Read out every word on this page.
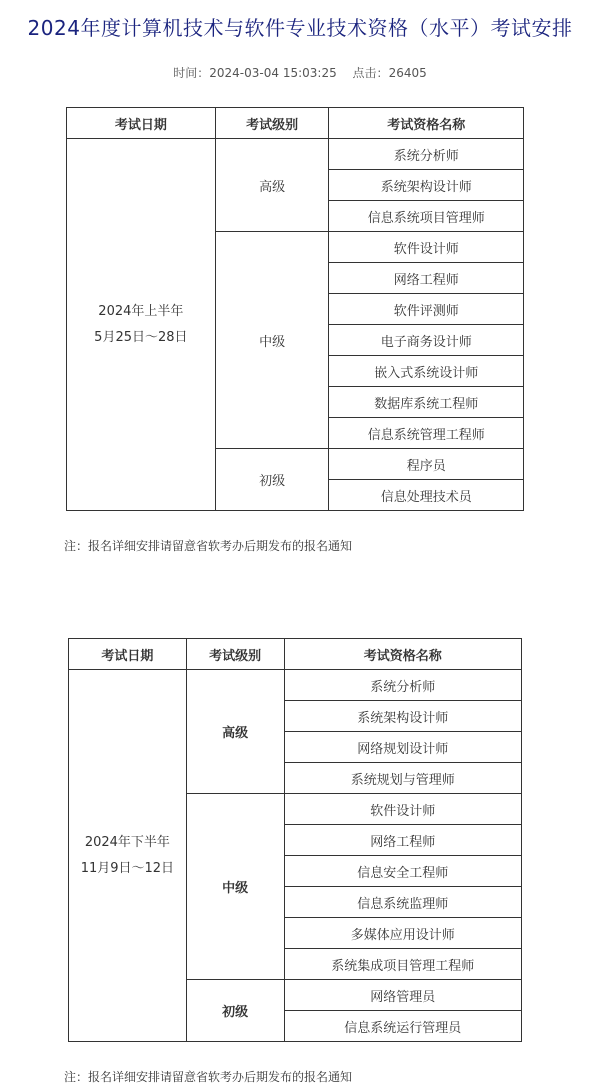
2024年度计算机技术与软件专业技术资格（水平）考试安排
时间：2024-03-04 15:03:25 点击：26405
考试日期	考试级别	考试资格名称

2024年上半年
5月25日～28日	高级	系统分析师
		系统架构设计师
		信息系统项目管理师
	中级	软件设计师
		网络工程师
		软件评测师
		电子商务设计师
		嵌入式系统设计师
		数据库系统工程师
		信息系统管理工程师
	初级	程序员
		信息处理技术员
注：报名详细安排请留意省软考办后期发布的报名通知
考试日期	考试级别	考试资格名称

2024年下半年
11月9日～12日	高级	系统分析师
		系统架构设计师
		网络规划设计师
		系统规划与管理师
	中级	软件设计师
		网络工程师
		信息安全工程师
		信息系统监理师
		多媒体应用设计师
		系统集成项目管理工程师
	初级	网络管理员
		信息系统运行管理员
注：报名详细安排请留意省软考办后期发布的报名通知
